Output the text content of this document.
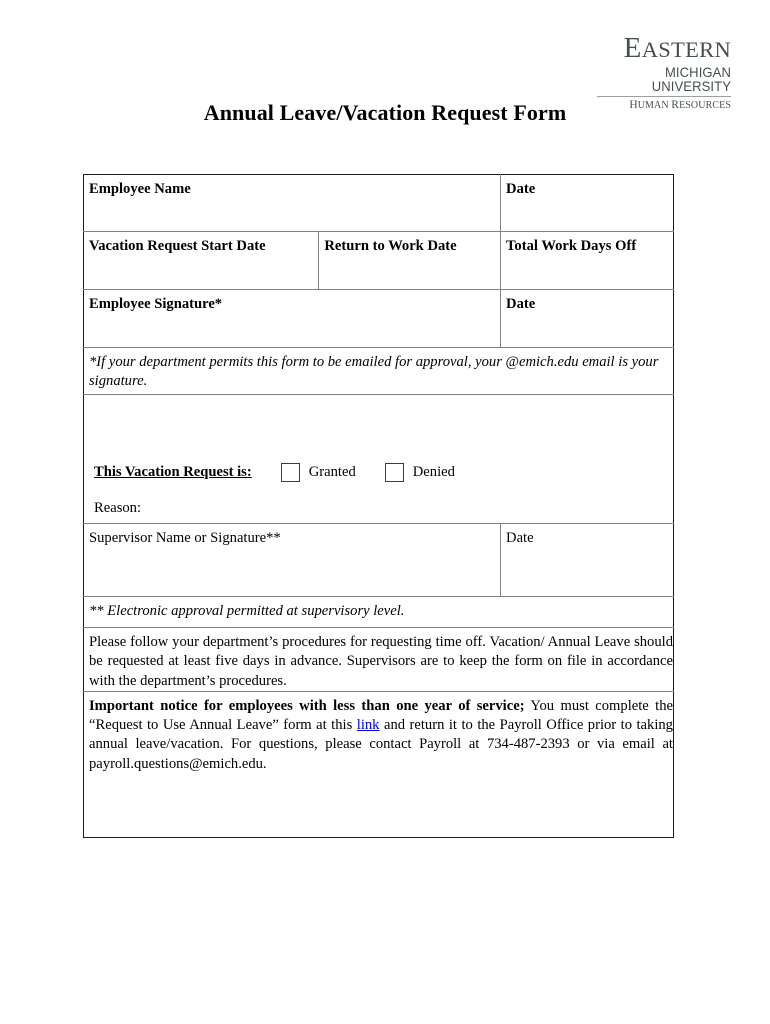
EASTERN
MICHIGAN UNIVERSITY
HUMAN RESOURCES
Annual Leave/Vacation Request Form
Employee Name		Date
Vacation Request Start Date	Return to Work Date	Total Work Days Off
Employee Signature*		Date
*If your department permits this form to be emailed for approval, your @emich.edu email is your signature.		

This Vacation Request is: Granted Denied
Reason:		

Supervisor Name or Signature**		Date
** Electronic approval permitted at supervisory level.		

Please follow your department’s procedures for requesting time off. Vacation/ Annual Leave should be requested at least five days in advance. Supervisors are to keep the form on file in accordance with the department’s procedures.		

Important notice for employees with less than one year of service; You must complete the “Request to Use Annual Leave” form at this link and return it to the Payroll Office prior to taking annual leave/vacation. For questions, please contact Payroll at 734-487-2393 or via email at payroll.questions@emich.edu.		
